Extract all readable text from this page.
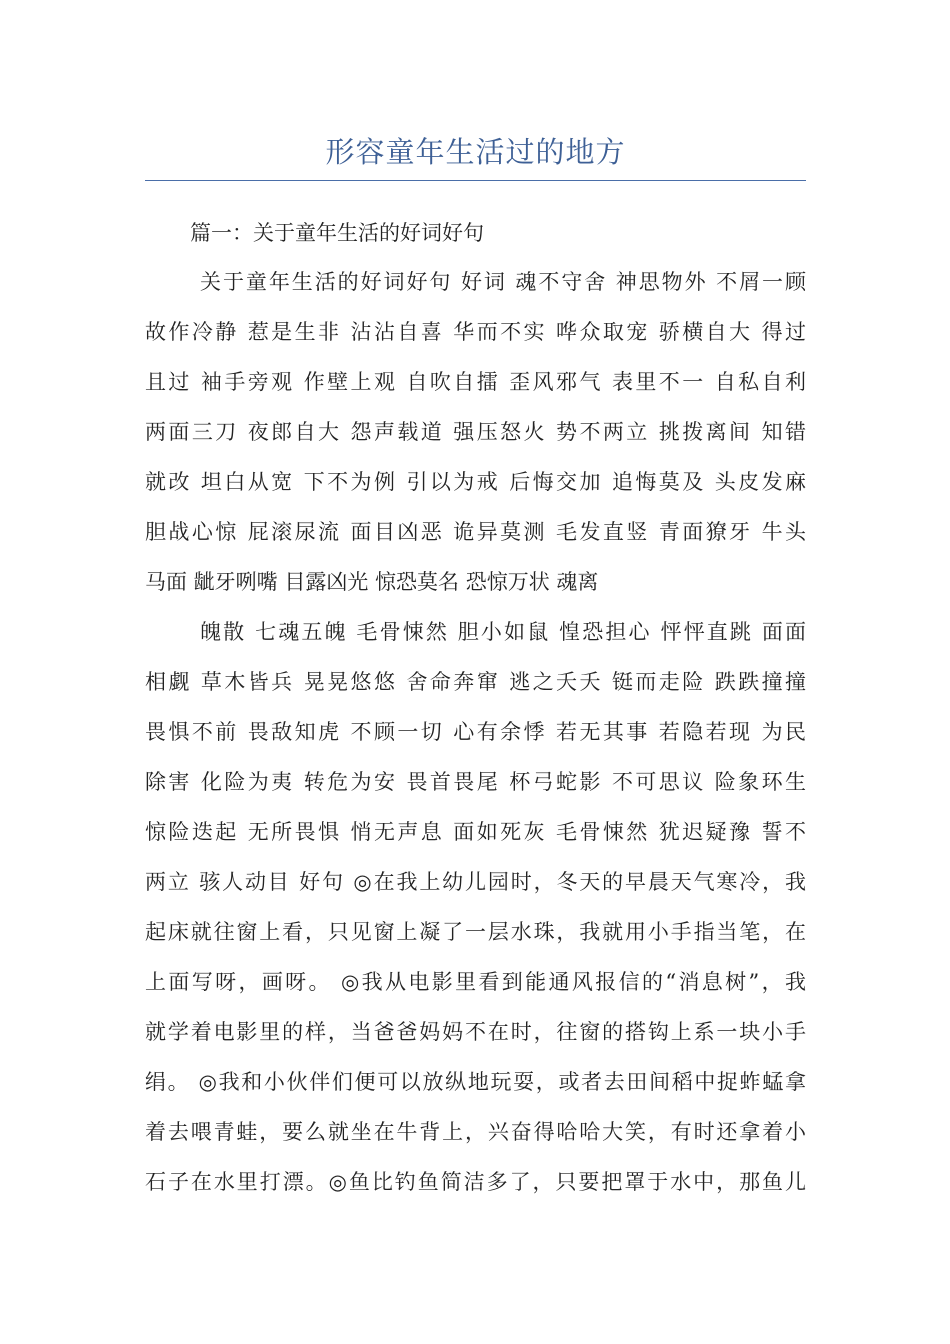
形容童年生活过的地方

篇一：关于童年生活的好词好句

关于童年生活的好词好句 好词 魂不守舍 神思物外 不屑一顾
故作冷静 惹是生非 沾沾自喜 华而不实 哗众取宠 骄横自大 得过
且过 袖手旁观 作壁上观 自吹自擂 歪风邪气 表里不一 自私自利
两面三刀 夜郎自大 怨声载道 强压怒火 势不两立 挑拨离间 知错
就改 坦白从宽 下不为例 引以为戒 后悔交加 追悔莫及 头皮发麻
胆战心惊 屁滚尿流 面目凶恶 诡异莫测 毛发直竖 青面獠牙 牛头
马面 龇牙咧嘴 目露凶光 惊恐莫名 恐惊万状 魂离
魄散 七魂五魄 毛骨悚然 胆小如鼠 惶恐担心 怦怦直跳 面面
相觑 草木皆兵 晃晃悠悠 舍命奔窜 逃之夭夭 铤而走险 跌跌撞撞
畏惧不前 畏敌知虎 不顾一切 心有余悸 若无其事 若隐若现 为民
除害 化险为夷 转危为安 畏首畏尾 杯弓蛇影 不可思议 险象环生
惊险迭起 无所畏惧 悄无声息 面如死灰 毛骨悚然 犹迟疑豫 誓不
两立 骇人动目 好句 ◎在我上幼儿园时，冬天的早晨天气寒冷，我
起床就往窗上看，只见窗上凝了一层水珠，我就用小手指当笔，在
上面写呀，画呀。 ◎我从电影里看到能通风报信的“消息树”，我
就学着电影里的样，当爸爸妈妈不在时，往窗的搭钩上系一块小手
绢。 ◎我和小伙伴们便可以放纵地玩耍，或者去田间稻中捉蚱蜢拿
着去喂青蛙，要么就坐在牛背上，兴奋得哈哈大笑，有时还拿着小
石子在水里打漂。◎鱼比钓鱼简洁多了，只要把罩于水中，那鱼儿
